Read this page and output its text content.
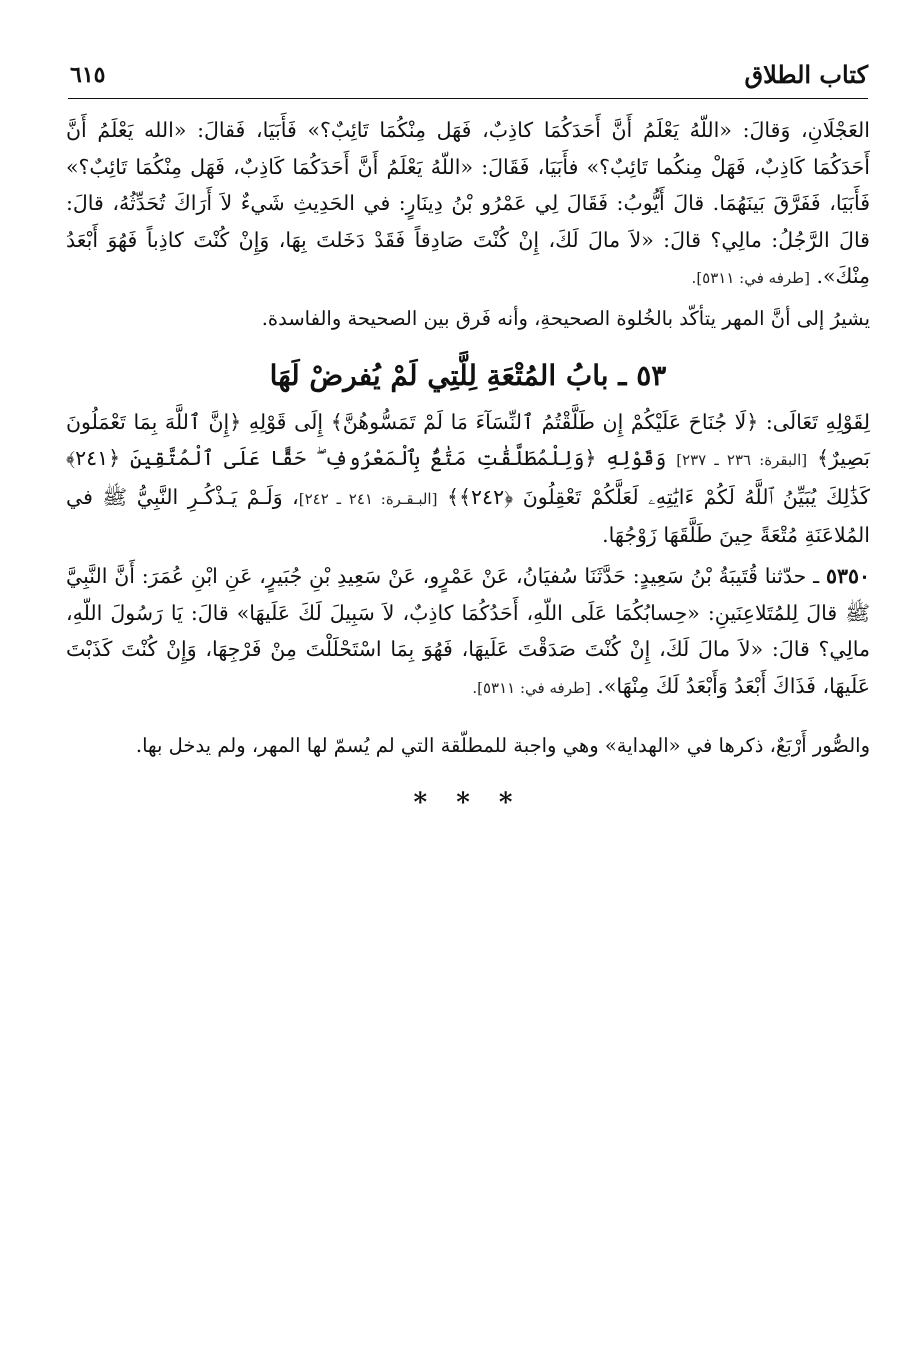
٦١٥	كتاب الطلاق

العَجْلَانِ، وَقالَ: «اللّهُ يَعْلَمُ أَنَّ أَحَدَكُمَا كاذِبٌ، فَهَل مِنْكُمَا تَائِبٌ؟» فَأَبَيَا، فَقالَ: «الله يَعْلَمُ أَنَّ أَحَدَكُمَا كَاذِبٌ، فَهَلْ مِنكُما تَائِبٌ؟» فأَبَيَا، فَقَالَ: «اللّهُ يَعْلَمُ أَنَّ أَحَدَكُمَا كَاذِبٌ، فَهَل مِنْكُمَا تَائِبٌ؟» فَأَبَيَا، فَفَرَّقَ بَينَهُمَا. قالَ أَيُّوبُ: فَقَالَ لِي عَمْرُو بْنُ دِينَارٍ: في الحَدِيثِ شَيءٌ لاَ أَرَاكَ تُحَدِّثُهُ، قالَ: قالَ الرَّجُلُ: مالِي؟ قالَ: «لاَ مالَ لَكَ، إِنْ كُنْتَ صَادِقاً فَقَدْ دَخَلتَ بِهَا، وَإِنْ كُنْتَ كاذِباً فَهُوَ أَبْعَدُ مِنْكَ». [طرفه في: ٥٣١١].

يشيرُ إلى أنَّ المهر يتأكّد بالخُلوة الصحيحةِ، وأنه فَرق بين الصحيحة والفاسدة.

٥٣ ـ بابُ المُتْعَةِ لِلَّتِي لَمْ يُفرضْ لَهَا

لِقَوْلِهِ تَعَالَى: ﴿لَا جُنَاحَ عَلَيْكُمْ إِن طَلَّقْتُمُ ٱلنِّسَآءَ مَا لَمْ تَمَسُّوهُنَّ﴾ إِلَى قَوْلِهِ ﴿إِنَّ ٱللَّهَ بِمَا تَعْمَلُونَ بَصِيرٌ﴾ [البقرة: ٢٣٦ ـ ٢٣٧] وَقَوْلِهِ ﴿وَلِلْمُطَلَّقَٰتِ مَتَٰعٌۢ بِٱلْمَعْرُوفِ ۖ حَقًّا عَلَى ٱلْمُتَّقِينَ ﴿٢٤١﴾ كَذَٰلِكَ يُبَيِّنُ ٱللَّهُ لَكُمْ ءَايَٰتِهِۦ لَعَلَّكُمْ تَعْقِلُونَ ﴿٢٤٢﴾﴾ [البـقـرة: ٢٤١ ـ ٢٤٢]، وَلَـمْ يَـذْكُـرِ النَّبِيُّ ﷺ في المُلاعَنَةِ مُتْعَةً حِينَ طَلَّقَهَا زَوْجُهَا.

٥٣٥٠ ـ حدّثنا قُتَيبَةُ بْنُ سَعِيدٍ: حَدَّثَنَا سُفيَانُ، عَنْ عَمْرٍو، عَنْ سَعِيدِ بْنِ جُبَيرٍ، عَنِ ابْنِ عُمَرَ: أَنَّ النَّبِيَّ ﷺ قالَ لِلمُتَلاعِنَينِ: «حِسابُكُمَا عَلَى اللّهِ، أَحَدُكُمَا كاذِبٌ، لاَ سَبِيلَ لَكَ عَلَيهَا» قالَ: يَا رَسُولَ اللّهِ، مالِي؟ قالَ: «لاَ مالَ لَكَ، إِنْ كُنْتَ صَدَقْتَ عَلَيهَا، فَهُوَ بِمَا اسْتَحْلَلْتَ مِنْ فَرْجِهَا، وَإِنْ كُنْتَ كَذَبْتَ عَلَيهَا، فَذَاكَ أَبْعَدُ وَأَبْعَدُ لَكَ مِنْهَا». [طرفه في: ٥٣١١].

والصُّور أَرْبَعٌ، ذكرها في «الهداية» وهي واجبة للمطلّقة التي لم يُسمّ لها المهر، ولم يدخل بها.

* * *
